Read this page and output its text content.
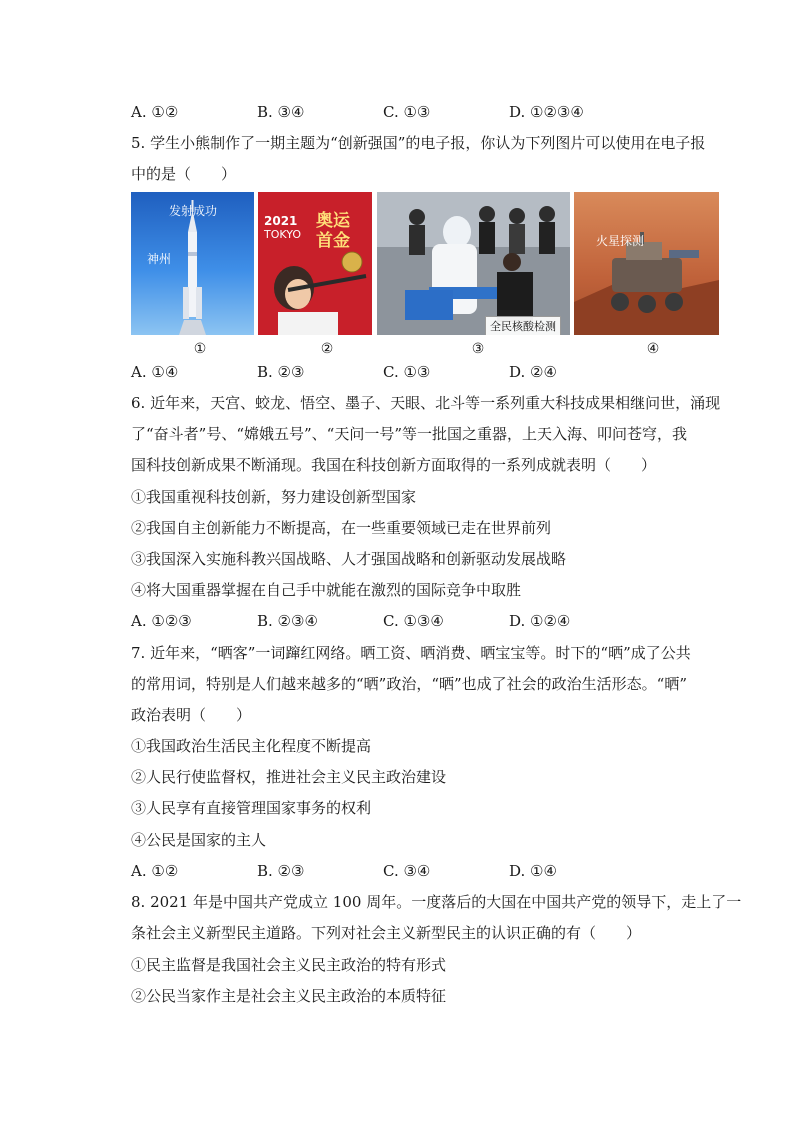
A. ①②	B. ③④	C. ①③	D. ①②③④
5. 学生小熊制作了一期主题为“创新强国”的电子报，你认为下列图片可以使用在电子报
中的是（　　）
发射成功
神州
2021
TOKYO
奥运
首金
全民核酸检测
火星探测
①	②	③	④
A. ①④	B. ②③	C. ①③	D. ②④
6. 近年来，天宫、蛟龙、悟空、墨子、天眼、北斗等一系列重大科技成果相继问世，涌现
了“奋斗者”号、“嫦娥五号”、“天问一号”等一批国之重器，上天入海、叩问苍穹，我
国科技创新成果不断涌现。我国在科技创新方面取得的一系列成就表明（　　）
①我国重视科技创新，努力建设创新型国家
②我国自主创新能力不断提高，在一些重要领域已走在世界前列
③我国深入实施科教兴国战略、人才强国战略和创新驱动发展战略
④将大国重器掌握在自己手中就能在激烈的国际竞争中取胜
A. ①②③	B. ②③④	C. ①③④	D. ①②④
7. 近年来，“晒客”一词蹿红网络。晒工资、晒消费、晒宝宝等。时下的“晒”成了公共
的常用词，特别是人们越来越多的“晒”政治，“晒”也成了社会的政治生活形态。“晒”
政治表明（　　）
①我国政治生活民主化程度不断提高
②人民行使监督权，推进社会主义民主政治建设
③人民享有直接管理国家事务的权利
④公民是国家的主人
A. ①②	B. ②③	C. ③④	D. ①④
8. 2021 年是中国共产党成立 100 周年。一度落后的大国在中国共产党的领导下，走上了一
条社会主义新型民主道路。下列对社会主义新型民主的认识正确的有（　　）
①民主监督是我国社会主义民主政治的特有形式
②公民当家作主是社会主义民主政治的本质特征
